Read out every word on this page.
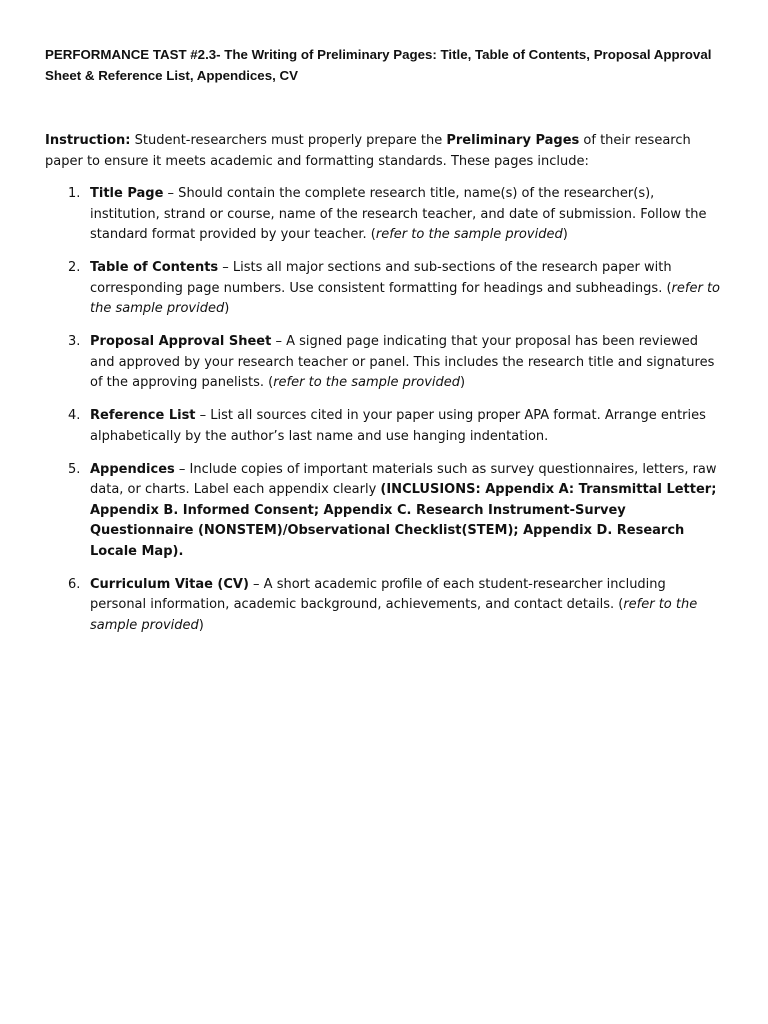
PERFORMANCE TAST #2.3- The Writing of Preliminary Pages: Title, Table of Contents, Proposal Approval Sheet & Reference List, Appendices, CV

Instruction: Student-researchers must properly prepare the Preliminary Pages of their research paper to ensure it meets academic and formatting standards. These pages include:

1. Title Page – Should contain the complete research title, name(s) of the researcher(s), institution, strand or course, name of the research teacher, and date of submission. Follow the standard format provided by your teacher. (refer to the sample provided)
2. Table of Contents – Lists all major sections and sub-sections of the research paper with corresponding page numbers. Use consistent formatting for headings and subheadings. (refer to the sample provided)
3. Proposal Approval Sheet – A signed page indicating that your proposal has been reviewed and approved by your research teacher or panel. This includes the research title and signatures of the approving panelists. (refer to the sample provided)
4. Reference List – List all sources cited in your paper using proper APA format. Arrange entries alphabetically by the author’s last name and use hanging indentation.
5. Appendices – Include copies of important materials such as survey questionnaires, letters, raw data, or charts. Label each appendix clearly (INCLUSIONS: Appendix A: Transmittal Letter; Appendix B. Informed Consent; Appendix C. Research Instrument-Survey Questionnaire (NONSTEM)/Observational Checklist(STEM); Appendix D. Research Locale Map).
6. Curriculum Vitae (CV) – A short academic profile of each student-researcher including personal information, academic background, achievements, and contact details. (refer to the sample provided)
